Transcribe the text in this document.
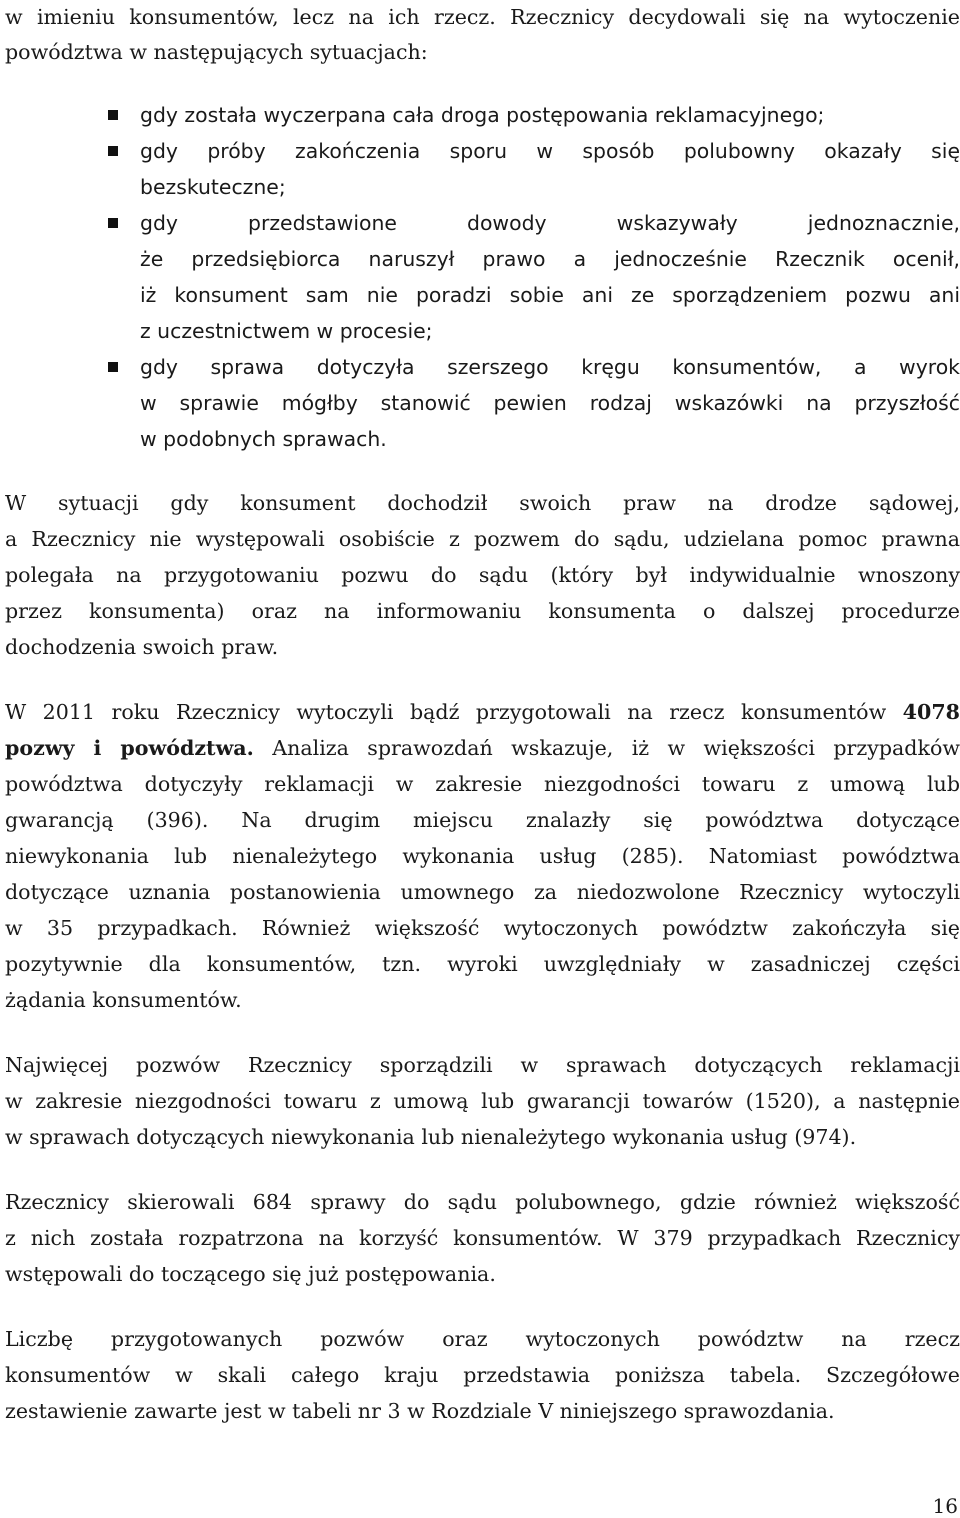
w imieniu konsumentów, lecz na ich rzecz. Rzecznicy decydowali się na wytoczenie
powództwa w następujących sytuacjach:
gdy została wyczerpana cała droga postępowania reklamacyjnego;
gdy próby zakończenia sporu w sposób polubowny okazały się
bezskuteczne;
gdy przedstawione dowody wskazywały jednoznacznie,
że przedsiębiorca naruszył prawo a jednocześnie Rzecznik ocenił,
iż konsument sam nie poradzi sobie ani ze sporządzeniem pozwu ani
z uczestnictwem w procesie;
gdy sprawa dotyczyła szerszego kręgu konsumentów, a wyrok
w sprawie mógłby stanowić pewien rodzaj wskazówki na przyszłość
w podobnych sprawach.
W sytuacji gdy konsument dochodził swoich praw na drodze sądowej,
a Rzecznicy nie występowali osobiście z pozwem do sądu, udzielana pomoc prawna
polegała na przygotowaniu pozwu do sądu (który był indywidualnie wnoszony
przez konsumenta) oraz na informowaniu konsumenta o dalszej procedurze
dochodzenia swoich praw.
W 2011 roku Rzecznicy wytoczyli bądź przygotowali na rzecz konsumentów 4078
pozwy i powództwa. Analiza sprawozdań wskazuje, iż w większości przypadków
powództwa dotyczyły reklamacji w zakresie niezgodności towaru z umową lub
gwarancją (396). Na drugim miejscu znalazły się powództwa dotyczące
niewykonania lub nienależytego wykonania usług (285). Natomiast powództwa
dotyczące uznania postanowienia umownego za niedozwolone Rzecznicy wytoczyli
w 35 przypadkach. Również większość wytoczonych powództw zakończyła się
pozytywnie dla konsumentów, tzn. wyroki uwzględniały w zasadniczej części
żądania konsumentów.
Najwięcej pozwów Rzecznicy sporządzili w sprawach dotyczących reklamacji
w zakresie niezgodności towaru z umową lub gwarancji towarów (1520), a następnie
w sprawach dotyczących niewykonania lub nienależytego wykonania usług (974).
Rzecznicy skierowali 684 sprawy do sądu polubownego, gdzie również większość
z nich została rozpatrzona na korzyść konsumentów. W 379 przypadkach Rzecznicy
wstępowali do toczącego się już postępowania.
Liczbę przygotowanych pozwów oraz wytoczonych powództw na rzecz
konsumentów w skali całego kraju przedstawia poniższa tabela. Szczegółowe
zestawienie zawarte jest w tabeli nr 3 w Rozdziale V niniejszego sprawozdania.
16
